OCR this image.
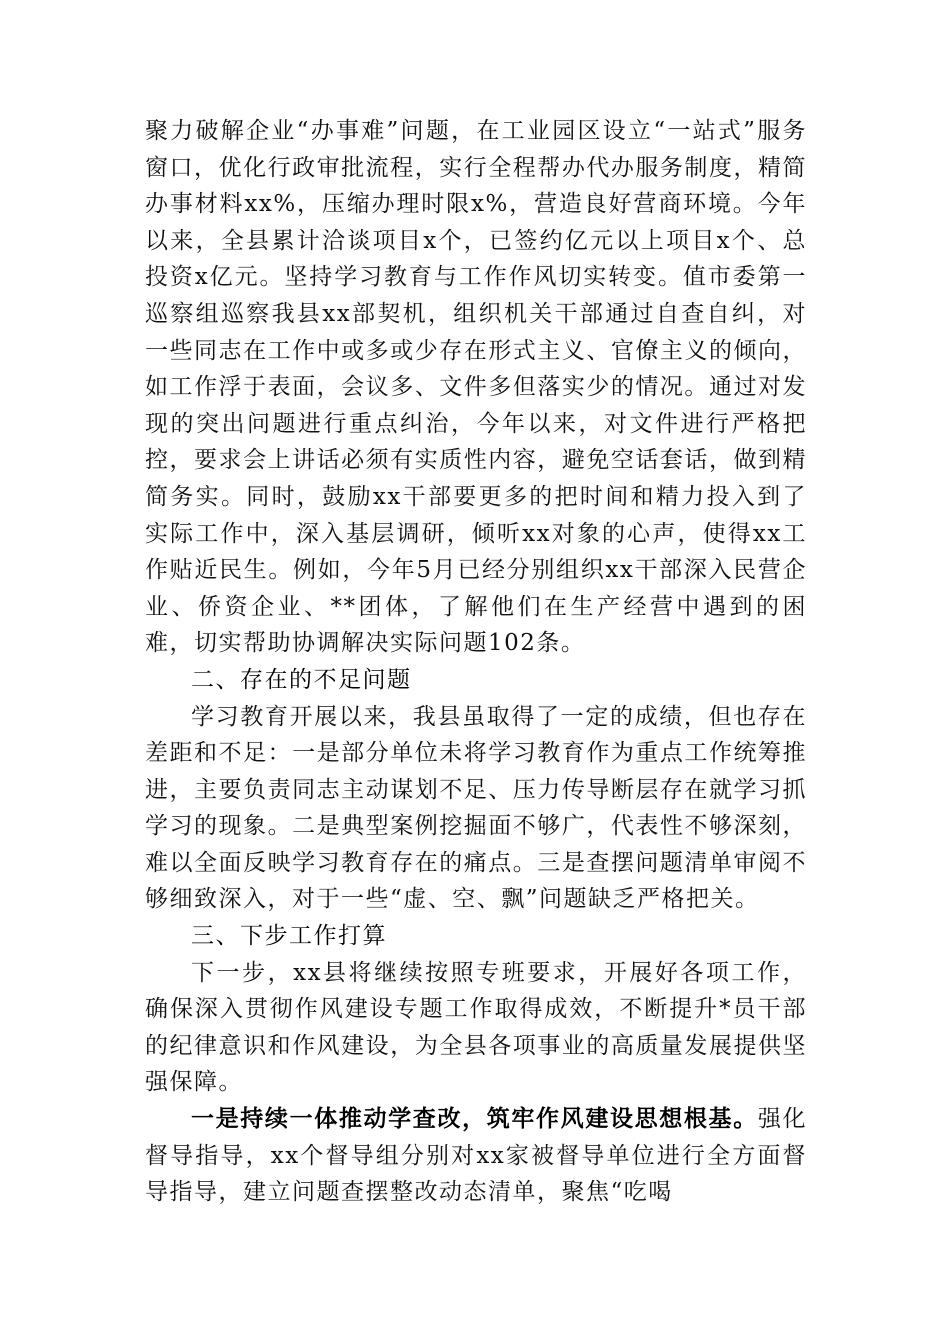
聚力破解企业“办事难”问题，在工业园区设立“一站式”服务窗口，优化行政审批流程，实行全程帮办代办服务制度，精简办事材料xx%，压缩办理时限x%，营造良好营商环境。今年以来，全县累计洽谈项目x个，已签约亿元以上项目x个、总投资x亿元。坚持学习教育与工作作风切实转变。值市委第一巡察组巡察我县xx部契机，组织机关干部通过自查自纠，对一些同志在工作中或多或少存在形式主义、官僚主义的倾向，如工作浮于表面，会议多、文件多但落实少的情况。通过对发现的突出问题进行重点纠治，今年以来，对文件进行严格把控，要求会上讲话必须有实质性内容，避免空话套话，做到精简务实。同时，鼓励xx干部要更多的把时间和精力投入到了实际工作中，深入基层调研，倾听xx对象的心声，使得xx工作贴近民生。例如，今年5月已经分别组织xx干部深入民营企业、侨资企业、**团体，了解他们在生产经营中遇到的困难，切实帮助协调解决实际问题102条。

二、存在的不足问题

学习教育开展以来，我县虽取得了一定的成绩，但也存在差距和不足：一是部分单位未将学习教育作为重点工作统筹推进，主要负责同志主动谋划不足、压力传导断层存在就学习抓学习的现象。二是典型案例挖掘面不够广，代表性不够深刻，难以全面反映学习教育存在的痛点。三是查摆问题清单审阅不够细致深入，对于一些“虚、空、飘”问题缺乏严格把关。

三、下步工作打算

下一步，xx县将继续按照专班要求，开展好各项工作，确保深入贯彻作风建设专题工作取得成效，不断提升*员干部的纪律意识和作风建设，为全县各项事业的高质量发展提供坚强保障。

一是持续一体推动学查改，筑牢作风建设思想根基。强化督导指导，xx个督导组分别对xx家被督导单位进行全方面督导指导，建立问题查摆整改动态清单，聚焦“吃喝
